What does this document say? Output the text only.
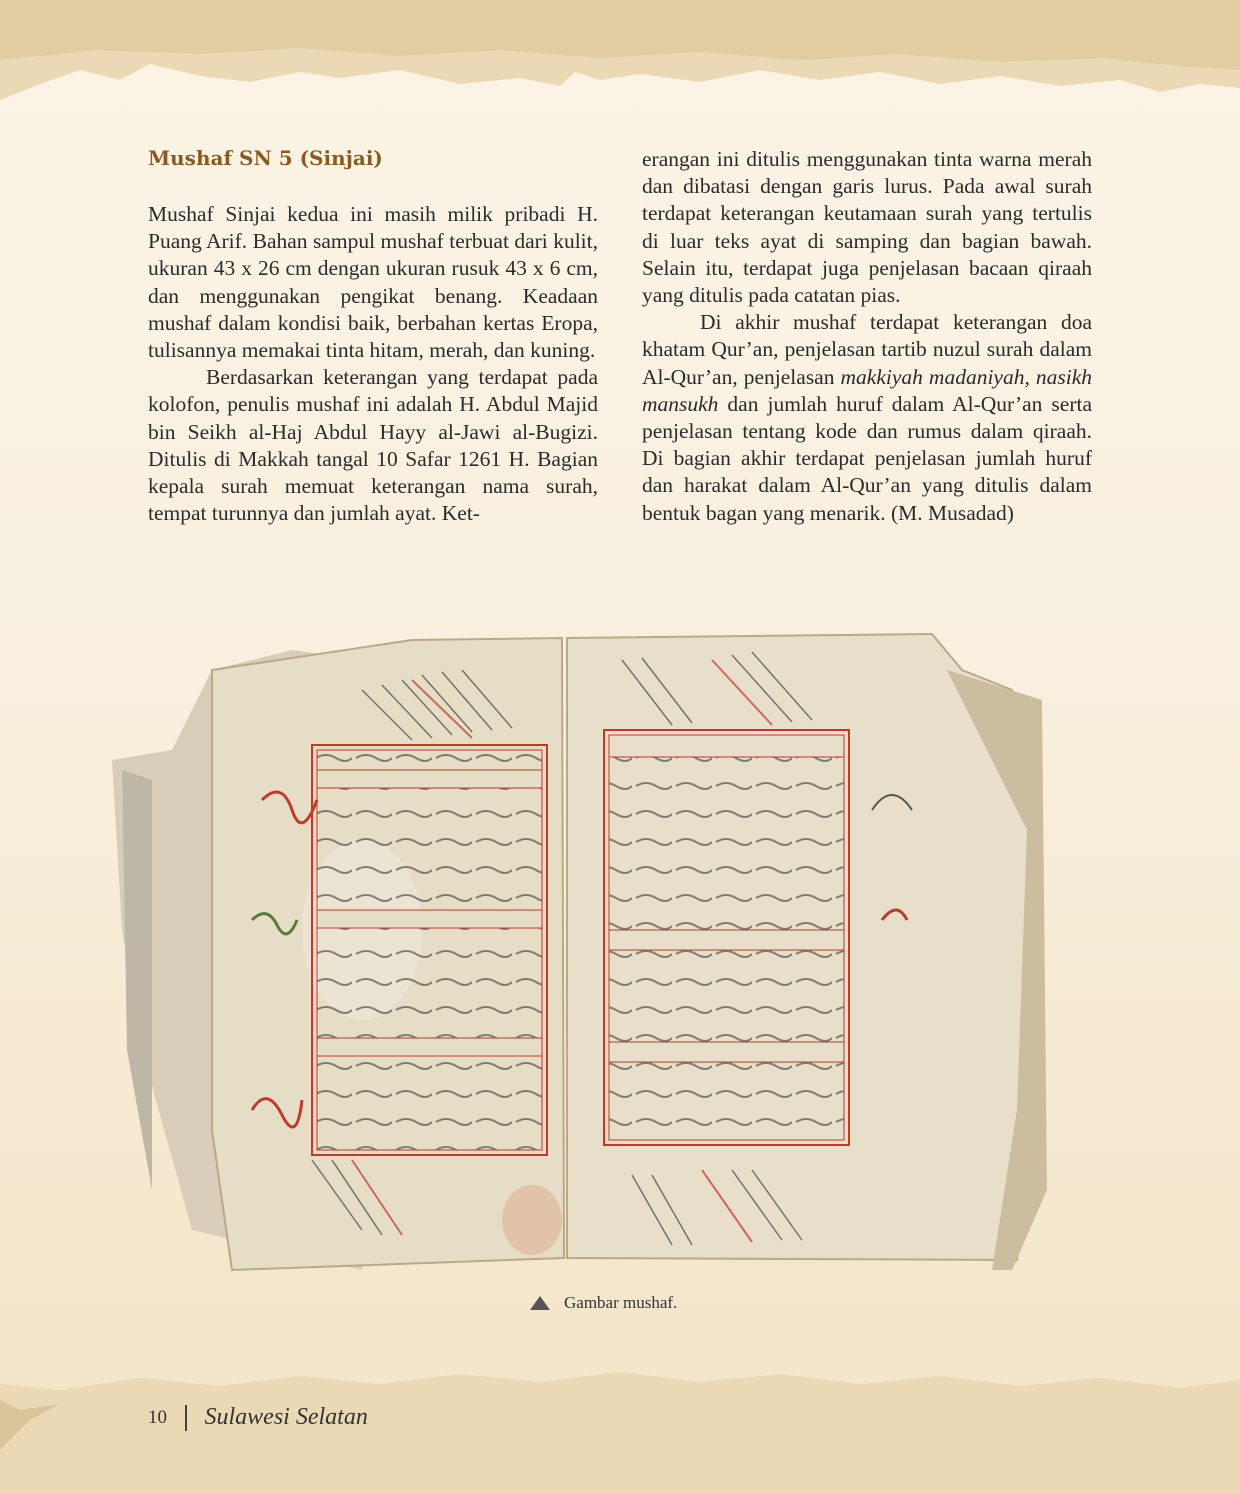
Mushaf SN 5 (Sinjai)

Mushaf Sinjai kedua ini masih milik pribadi H. Puang Arif. Bahan sampul mushaf terbuat dari kulit, ukuran 43 x 26 cm dengan ukuran rusuk 43 x 6 cm, dan menggunakan pengikat benang. Keadaan mushaf dalam kondisi baik, berbahan kertas Eropa, tulisannya memakai tinta hitam, merah, dan kuning.

Berdasarkan keterangan yang terdapat pada kolofon, penulis mushaf ini adalah H. Abdul Majid bin Seikh al-Haj Abdul Hayy al-Jawi al-Bugizi. Ditulis di Makkah tangal 10 Safar 1261 H. Bagian kepala surah memuat keterangan nama surah, tempat turunnya dan jumlah ayat. Ket-

erangan ini ditulis menggunakan tinta warna merah dan dibatasi dengan garis lurus. Pada awal surah terdapat keterangan keutamaan surah yang tertulis di luar teks ayat di samping dan bagian bawah. Selain itu, terdapat juga penjelasan bacaan qiraah yang ditulis pada catatan pias.

Di akhir mushaf terdapat keterangan doa khatam Qur’an, penjelasan tartib nuzul surah dalam Al-Qur’an, penjelasan makkiyah madaniyah, nasikh mansukh dan jumlah huruf dalam Al-Qur’an serta penjelasan tentang kode dan rumus dalam qiraah. Di bagian akhir terdapat penjelasan jumlah huruf dan harakat dalam Al-Qur’an yang ditulis dalam bentuk bagan yang menarik. (M. Musadad)

Gambar mushaf.
10 Sulawesi Selatan
